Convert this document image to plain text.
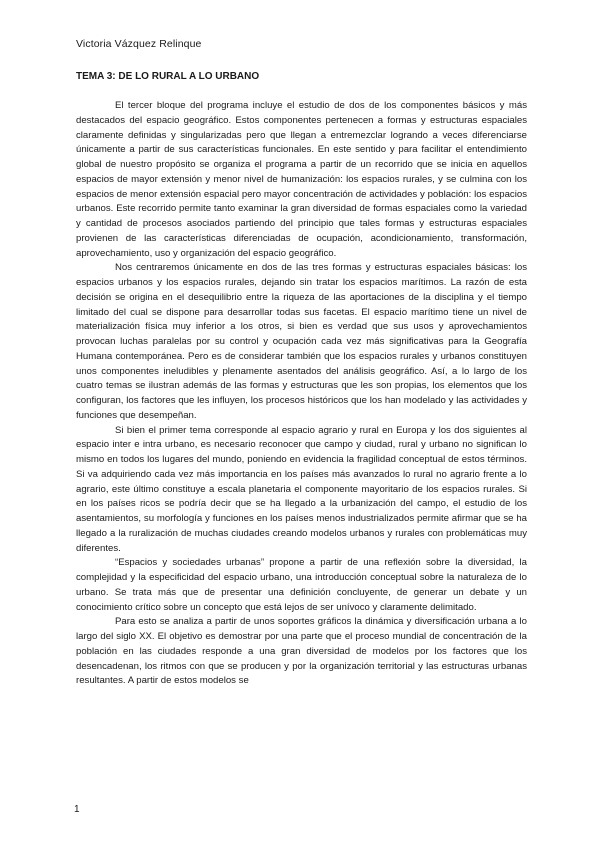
Victoria Vázquez Relinque
TEMA 3: DE LO RURAL A LO URBANO

El tercer bloque del programa incluye el estudio de dos de los componentes básicos y más destacados del espacio geográfico. Estos componentes pertenecen a formas y estructuras espaciales claramente definidas y singularizadas pero que llegan a entremezclar logrando a veces diferenciarse únicamente a partir de sus características funcionales. En este sentido y para facilitar el entendimiento global de nuestro propósito se organiza el programa a partir de un recorrido que se inicia en aquellos espacios de mayor extensión y menor nivel de humanización: los espacios rurales, y se culmina con los espacios de menor extensión espacial pero mayor concentración de actividades y población: los espacios urbanos. Este recorrido permite tanto examinar la gran diversidad de formas espaciales como la variedad y cantidad de procesos asociados partiendo del principio que tales formas y estructuras espaciales provienen de las características diferenciadas de ocupación, acondicionamiento, transformación, aprovechamiento, uso y organización del espacio geográfico.

Nos centraremos únicamente en dos de las tres formas y estructuras espaciales básicas: los espacios urbanos y los espacios rurales, dejando sin tratar los espacios marítimos. La razón de esta decisión se origina en el desequilibrio entre la riqueza de las aportaciones de la disciplina y el tiempo limitado del cual se dispone para desarrollar todas sus facetas. El espacio marítimo tiene un nivel de materialización física muy inferior a los otros, si bien es verdad que sus usos y aprovechamientos provocan luchas paralelas por su control y ocupación cada vez más significativas para la Geografía Humana contemporánea. Pero es de considerar también que los espacios rurales y urbanos constituyen unos componentes ineludibles y plenamente asentados del análisis geográfico. Así, a lo largo de los cuatro temas se ilustran además de las formas y estructuras que les son propias, los elementos que los configuran, los factores que les influyen, los procesos históricos que los han modelado y las actividades y funciones que desempeñan.

Si bien el primer tema corresponde al espacio agrario y rural en Europa y los dos siguientes al espacio inter e intra urbano, es necesario reconocer que campo y ciudad, rural y urbano no significan lo mismo en todos los lugares del mundo, poniendo en evidencia la fragilidad conceptual de estos términos. Si va adquiriendo cada vez más importancia en los países más avanzados lo rural no agrario frente a lo agrario, este último constituye a escala planetaria el componente mayoritario de los espacios rurales. Si en los países ricos se podría decir que se ha llegado a la urbanización del campo, el estudio de los asentamientos, su morfología y funciones en los países menos industrializados permite afirmar que se ha llegado a la ruralización de muchas ciudades creando modelos urbanos y rurales con problemáticas muy diferentes.

“Espacios y sociedades urbanas” propone a partir de una reflexión sobre la diversidad, la complejidad y la especificidad del espacio urbano, una introducción conceptual sobre la naturaleza de lo urbano. Se trata más que de presentar una definición concluyente, de generar un debate y un conocimiento crítico sobre un concepto que está lejos de ser unívoco y claramente delimitado.

Para esto se analiza a partir de unos soportes gráficos la dinámica y diversificación urbana a lo largo del siglo XX. El objetivo es demostrar por una parte que el proceso mundial de concentración de la población en las ciudades responde a una gran diversidad de modelos por los factores que los desencadenan, los ritmos con que se producen y por la organización territorial y las estructuras urbanas resultantes. A partir de estos modelos se

1
